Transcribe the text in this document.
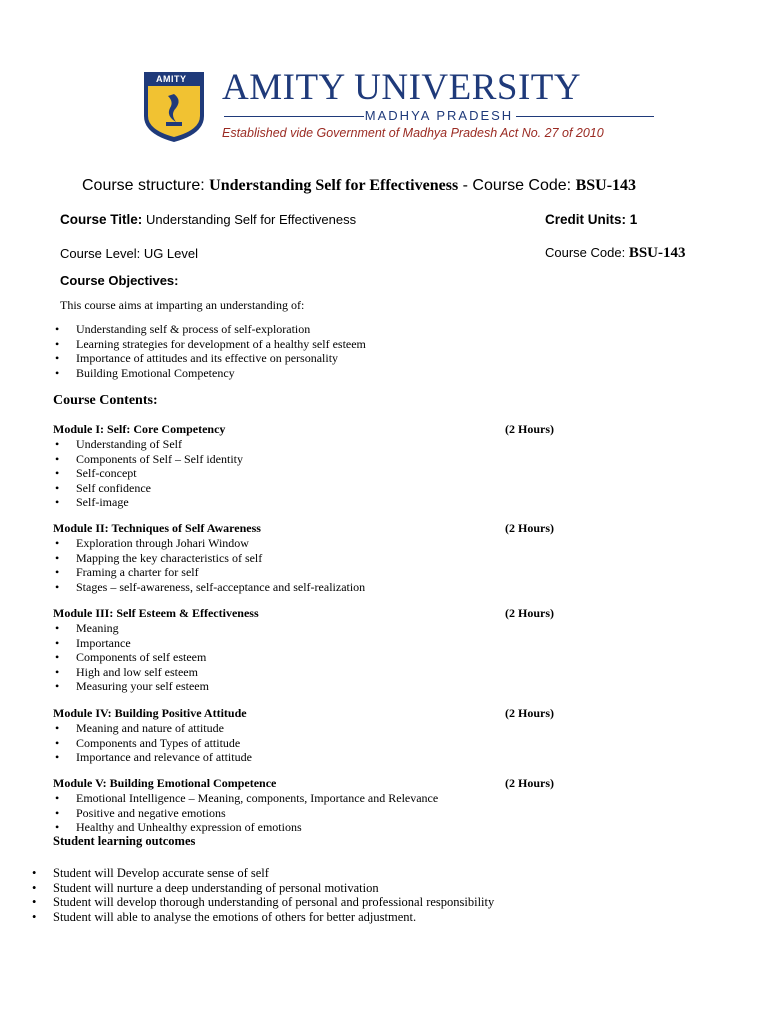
AMITY AMITY UNIVERSITY
MADHYA PRADESH
Established vide Government of Madhya Pradesh Act No. 27 of 2010
Course structure: Understanding Self for Effectiveness - Course Code: BSU-143
Course Title: Understanding Self for Effectiveness	Credit Units: 1
Course Level: UG Level	Course Code: BSU-143
Course Objectives:
This course aims at imparting an understanding of:
• Understanding self & process of self-exploration
• Learning strategies for development of a healthy self esteem
• Importance of attitudes and its effective on personality
• Building Emotional Competency
Course Contents:
Module I: Self: Core Competency	(2 Hours)
• Understanding of Self
• Components of Self – Self identity
• Self-concept
• Self confidence
• Self-image
Module II: Techniques of Self Awareness	(2 Hours)
• Exploration through Johari Window
• Mapping the key characteristics of self
• Framing a charter for self
• Stages – self-awareness, self-acceptance and self-realization
Module III: Self Esteem & Effectiveness	(2 Hours)
• Meaning
• Importance
• Components of self esteem
• High and low self esteem
• Measuring your self esteem
Module IV: Building Positive Attitude	(2 Hours)
• Meaning and nature of attitude
• Components and Types of attitude
• Importance and relevance of attitude
Module V: Building Emotional Competence	(2 Hours)
• Emotional Intelligence – Meaning, components, Importance and Relevance
• Positive and negative emotions
• Healthy and Unhealthy expression of emotions
Student learning outcomes
• Student will Develop accurate sense of self
• Student will nurture a deep understanding of personal motivation
• Student will develop thorough understanding of personal and professional responsibility
• Student will able to analyse the emotions of others for better adjustment.
